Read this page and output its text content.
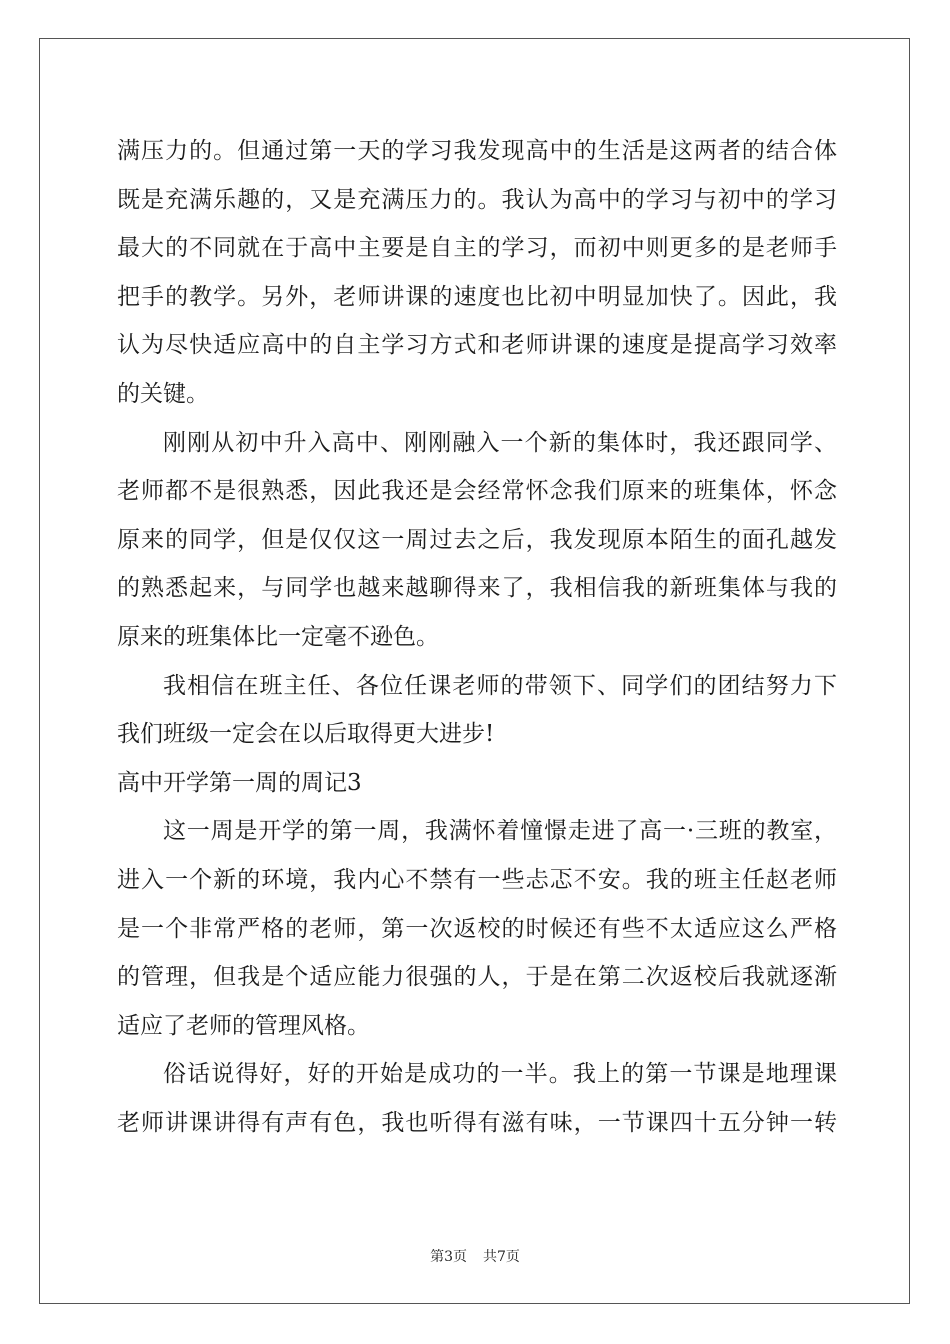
满压力的。但通过第一天的学习我发现高中的生活是这两者的结合体
既是充满乐趣的，又是充满压力的。我认为高中的学习与初中的学习
最大的不同就在于高中主要是自主的学习，而初中则更多的是老师手
把手的教学。另外，老师讲课的速度也比初中明显加快了。因此，我
认为尽快适应高中的自主学习方式和老师讲课的速度是提高学习效率
的关键。
刚刚从初中升入高中、刚刚融入一个新的集体时，我还跟同学、
老师都不是很熟悉，因此我还是会经常怀念我们原来的班集体，怀念
原来的同学，但是仅仅这一周过去之后，我发现原本陌生的面孔越发
的熟悉起来，与同学也越来越聊得来了，我相信我的新班集体与我的
原来的班集体比一定毫不逊色。
我相信在班主任、各位任课老师的带领下、同学们的团结努力下
我们班级一定会在以后取得更大进步!
高中开学第一周的周记3
这一周是开学的第一周，我满怀着憧憬走进了高一·三班的教室，
进入一个新的环境，我内心不禁有一些忐忑不安。我的班主任赵老师
是一个非常严格的老师，第一次返校的时候还有些不太适应这么严格
的管理，但我是个适应能力很强的人，于是在第二次返校后我就逐渐
适应了老师的管理风格。
俗话说得好，好的开始是成功的一半。我上的第一节课是地理课
老师讲课讲得有声有色，我也听得有滋有味，一节课四十五分钟一转
第3页 共7页
